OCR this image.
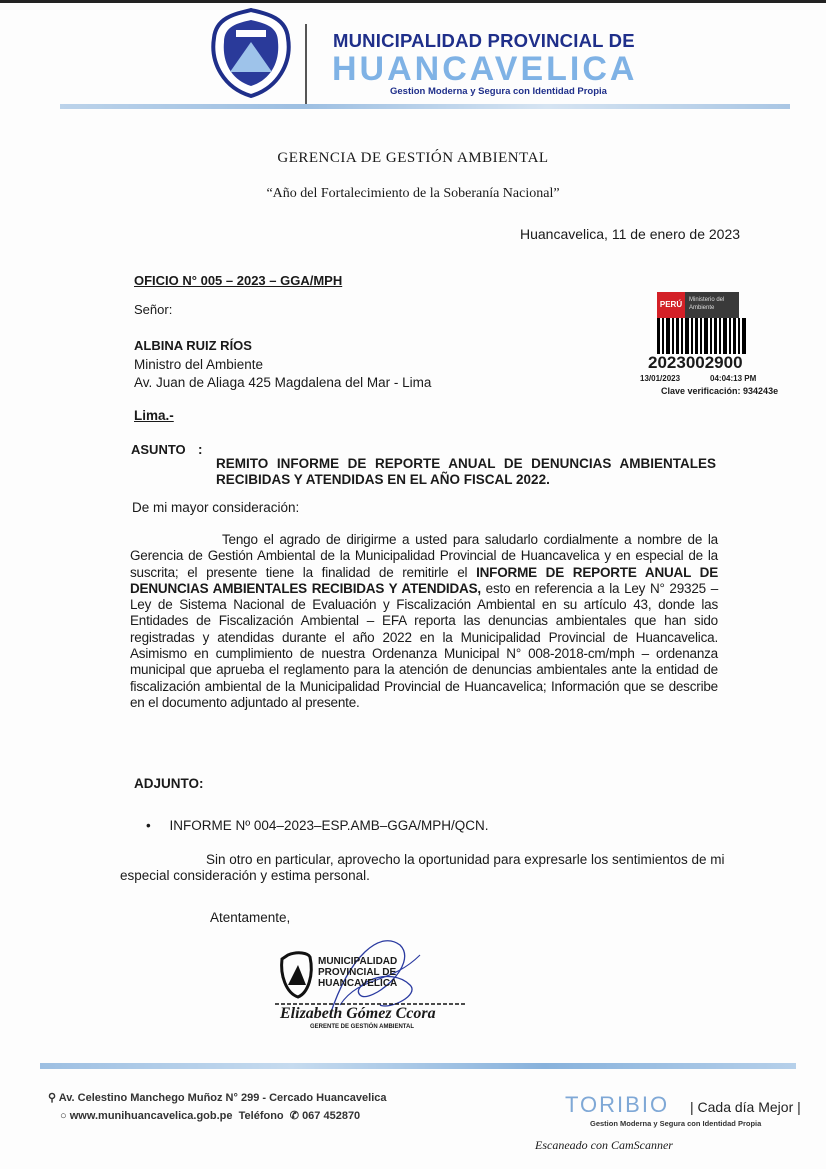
MUNICIPALIDAD PROVINCIAL DE
HUANCAVELICA
Gestion Moderna y Segura con Identidad Propia
GERENCIA DE GESTIÓN AMBIENTAL
“Año del Fortalecimiento de la Soberanía Nacional”
Huancavelica, 11 de enero de 2023
OFICIO N° 005 – 2023 – GGA/MPH
Señor:
ALBINA RUIZ RÍOS
Ministro del Ambiente
Av. Juan de Aliaga 425 Magdalena del Mar - Lima
Lima.-
PERÚ	Ministerio del Ambiente
2023002900
13/01/2023	04:04:13 PM
Clave verificación: 934243e
ASUNTO :
REMITO INFORME DE REPORTE ANUAL DE DENUNCIAS AMBIENTALES
RECIBIDAS Y ATENDIDAS EN EL AÑO FISCAL 2022.
De mi mayor consideración:
Tengo el agrado de dirigirme a usted para saludarlo cordialmente a nombre de la Gerencia de Gestión Ambiental de la Municipalidad Provincial de Huancavelica y en especial de la suscrita; el presente tiene la finalidad de remitirle el INFORME DE REPORTE ANUAL DE DENUNCIAS AMBIENTALES RECIBIDAS Y ATENDIDAS, esto en referencia a la Ley N° 29325 – Ley de Sistema Nacional de Evaluación y Fiscalización Ambiental en su artículo 43, donde las Entidades de Fiscalización Ambiental – EFA reporta las denuncias ambientales que han sido registradas y atendidas durante el año 2022 en la Municipalidad Provincial de Huancavelica. Asimismo en cumplimiento de nuestra Ordenanza Municipal N° 008-2018-cm/mph – ordenanza municipal que aprueba el reglamento para la atención de denuncias ambientales ante la entidad de fiscalización ambiental de la Municipalidad Provincial de Huancavelica; Información que se describe en el documento adjuntado al presente.
ADJUNTO:
•     INFORME Nº 004–2023–ESP.AMB–GGA/MPH/QCN.
Sin otro en particular, aprovecho la oportunidad para expresarle los sentimientos de mi
especial consideración y estima personal.
Atentamente,
MUNICIPALIDAD PROVINCIAL DE HUANCAVELICA
Elizabeth Gómez Ccora
GERENTE DE GESTIÓN AMBIENTAL
⚲ Av. Celestino Manchego Muñoz N° 299 - Cercado Huancavelica
○ www.munihuancavelica.gob.pe Teléfono ✆ 067 452870	TORIBIO | Cada día Mejor |
Gestion Moderna y Segura con Identidad Propia
Escaneado con CamScanner
